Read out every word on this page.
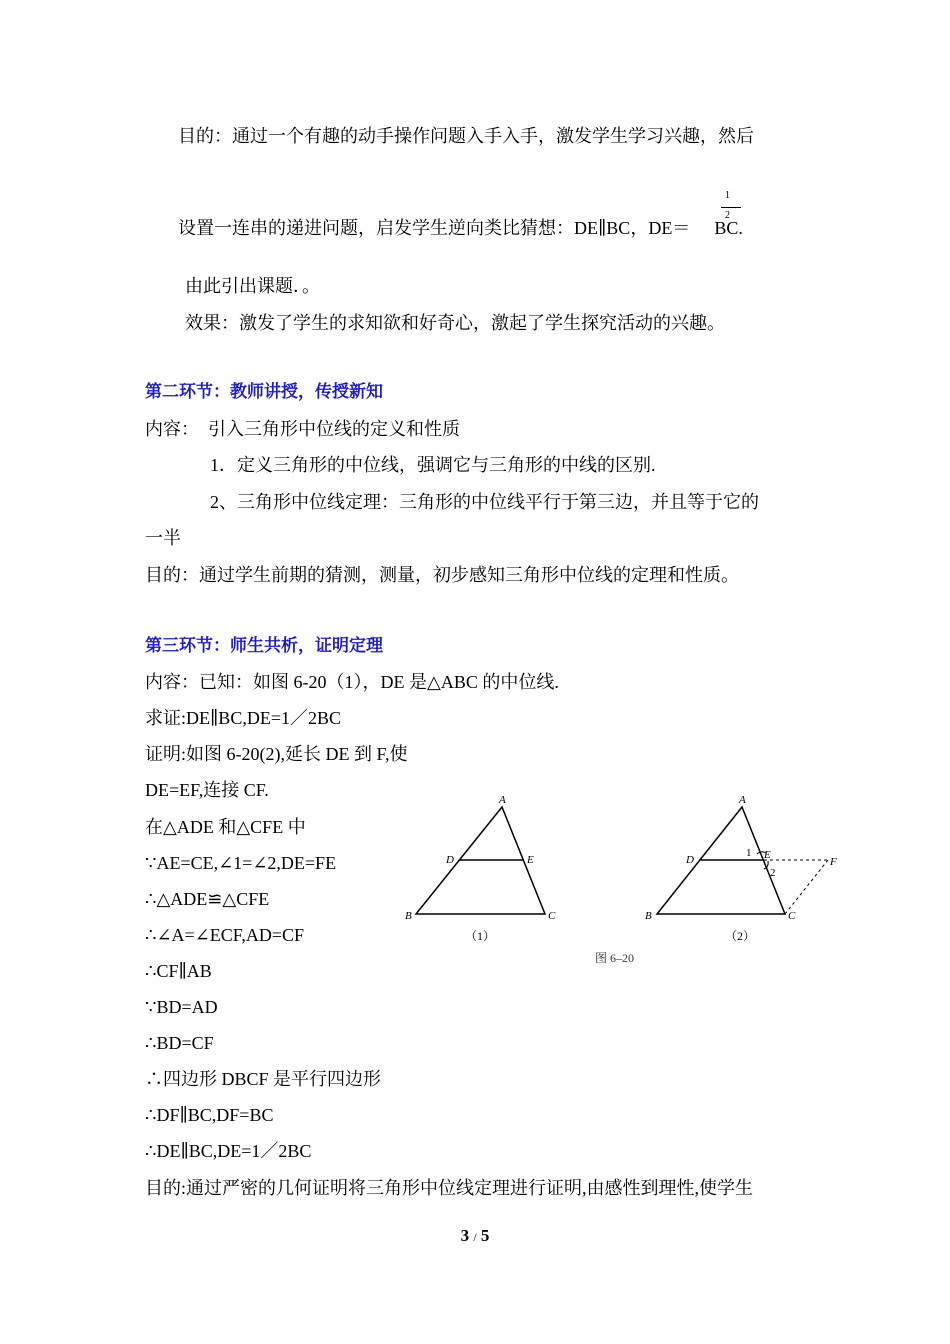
目的：通过一个有趣的动手操作问题入手入手，激发学生学习兴趣，然后
1
2
设置一连串的递进问题，启发学生逆向类比猜想：DE∥BC，DE＝ BC.
由此引出课题．。
效果：激发了学生的求知欲和好奇心，激起了学生探究活动的兴趣。
第二环节：教师讲授，传授新知
内容：　引入三角形中位线的定义和性质
1．定义三角形的中位线，强调它与三角形的中线的区别.
2、三角形中位线定理：三角形的中位线平行于第三边，并且等于它的
一半
目的：通过学生前期的猜测，测量，初步感知三角形中位线的定理和性质。
第三环节：师生共析，证明定理
内容：已知：如图 6-20（1），DE 是△ABC 的中位线.
求证:DE∥BC,DE=1／2BC
证明:如图 6-20(2),延长 DE 到 F,使
DE=EF,连接 CF.
在△ADE 和△CFE 中
∵AE=CE,∠1=∠2,DE=FE
∴△ADE≌△CFE
∴∠A=∠ECF,AD=CF
∴CF∥AB
∵BD=AD
∴BD=CF
∴四边形 DBCF 是平行四边形
∴DF∥BC,DF=BC
∴DE∥BC,DE=1／2BC
目的:通过严密的几何证明将三角形中位线定理进行证明,由感性到理性,使学生
A
D	E
B	C
（1）
A
D	E
F
B	C
1
2
（2）
图 6–20
3 / 5
